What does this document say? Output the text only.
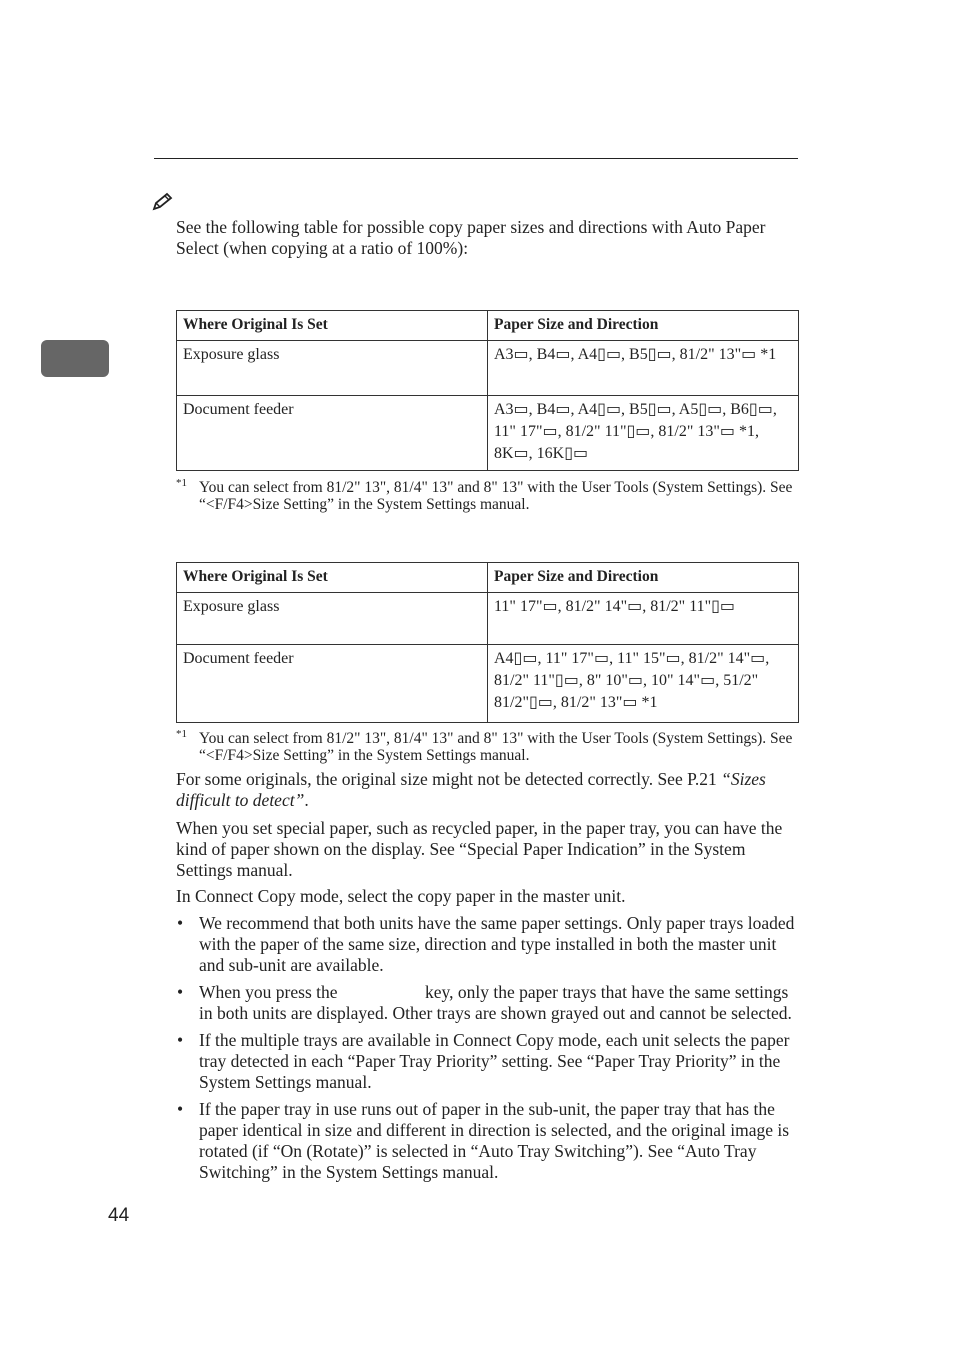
See the following table for possible copy paper sizes and directions with Auto Paper Select (when copying at a ratio of 100%):

Where Original Is Set	Paper Size and Direction
Exposure glass	A3▭, B4▭, A4▯▭, B5▯▭, 81/2" 13"▭ *1
Document feeder	A3▭, B4▭, A4▯▭, B5▯▭, A5▯▭, B6▯▭, 11" 17"▭, 81/2" 11"▯▭, 81/2" 13"▭ *1, 8K▭, 16K▯▭
*1 You can select from 81/2" 13", 81/4" 13" and 8" 13" with the User Tools (System Settings). See “<F/F4>Size Setting” in the System Settings manual.
Where Original Is Set	Paper Size and Direction
Exposure glass	11" 17"▭, 81/2" 14"▭, 81/2" 11"▯▭
Document feeder	A4▯▭, 11" 17"▭, 11" 15"▭, 81/2" 14"▭, 81/2" 11"▯▭, 8" 10"▭, 10" 14"▭, 51/2" 81/2"▯▭, 81/2" 13"▭ *1
*1 You can select from 81/2" 13", 81/4" 13" and 8" 13" with the User Tools (System Settings). See “<F/F4>Size Setting” in the System Settings manual.

For some originals, the original size might not be detected correctly. See P.21 “Sizes difficult to detect”.

When you set special paper, such as recycled paper, in the paper tray, you can have the kind of paper shown on the display. See “Special Paper Indication” in the System Settings manual.

In Connect Copy mode, select the copy paper in the master unit.

• We recommend that both units have the same paper settings. Only paper trays loaded with the paper of the same size, direction and type installed in both the master unit and sub-unit are available.
• When you press the                    key, only the paper trays that have the same settings in both units are displayed. Other trays are shown grayed out and cannot be selected.
• If the multiple trays are available in Connect Copy mode, each unit selects the paper tray detected in each “Paper Tray Priority” setting. See “Paper Tray Priority” in the System Settings manual.
• If the paper tray in use runs out of paper in the sub-unit, the paper tray that has the paper identical in size and different in direction is selected, and the original image is rotated (if “On (Rotate)” is selected in “Auto Tray Switching”). See “Auto Tray Switching” in the System Settings manual.
44
